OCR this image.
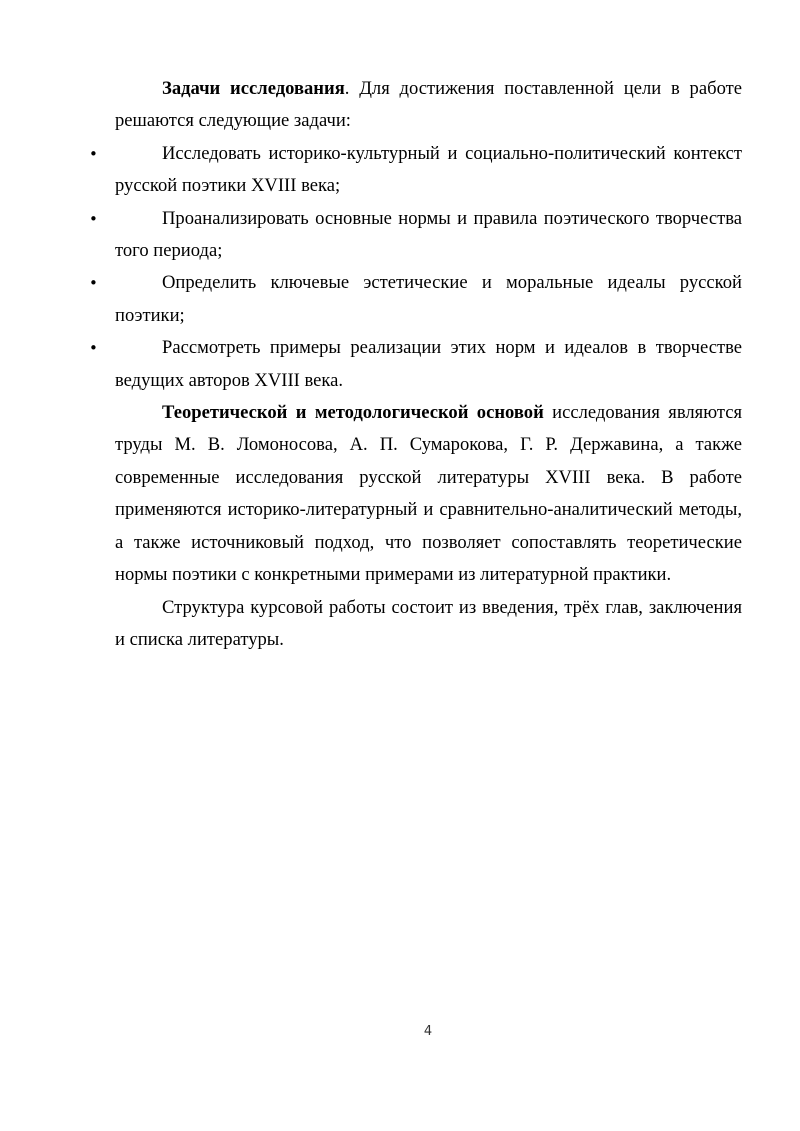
Задачи исследования. Для достижения поставленной цели в работе решаются следующие задачи:

•	Исследовать историко-культурный и социально-политический контекст русской поэтики XVIII века;

•	Проанализировать основные нормы и правила поэтического творчества того периода;

•	Определить ключевые эстетические и моральные идеалы русской поэтики;

•	Рассмотреть примеры реализации этих норм и идеалов в творчестве ведущих авторов XVIII века.

Теоретической и методологической основой исследования являются труды М. В. Ломоносова, А. П. Сумарокова, Г. Р. Державина, а также современные исследования русской литературы XVIII века. В работе применяются историко-литературный и сравнительно-аналитический методы, а также источниковый подход, что позволяет сопоставлять теоретические нормы поэтики с конкретными примерами из литературной практики.

Структура курсовой работы состоит из введения, трёх глав, заключения и списка литературы.

4
